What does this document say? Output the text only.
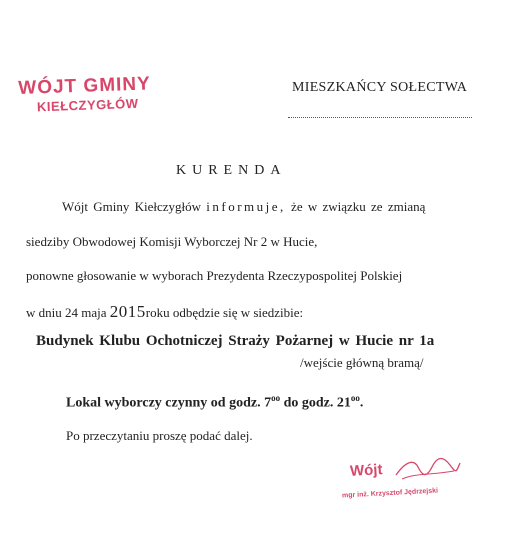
WÓJT GMINY
KIEŁCZYGŁÓW
MIESZKAŃCY SOŁECTWA
KURENDA
Wójt Gminy Kiełczygłów informuje, że w związku ze zmianą
siedziby Obwodowej Komisji Wyborczej Nr 2 w Hucie,
ponowne głosowanie w wyborach Prezydenta Rzeczypospolitej Polskiej
w dniu 24 maja 2015roku odbędzie się w siedzibie:
Budynek Klubu Ochotniczej Straży Pożarnej w Hucie nr 1a
/wejście główną bramą/
Lokal wyborczy czynny od godz. $7^{oo}$ do godz. $21^{oo}$.
Po przeczytaniu proszę podać dalej.
Wójt
mgr inż. Krzysztof Jędrzejski
